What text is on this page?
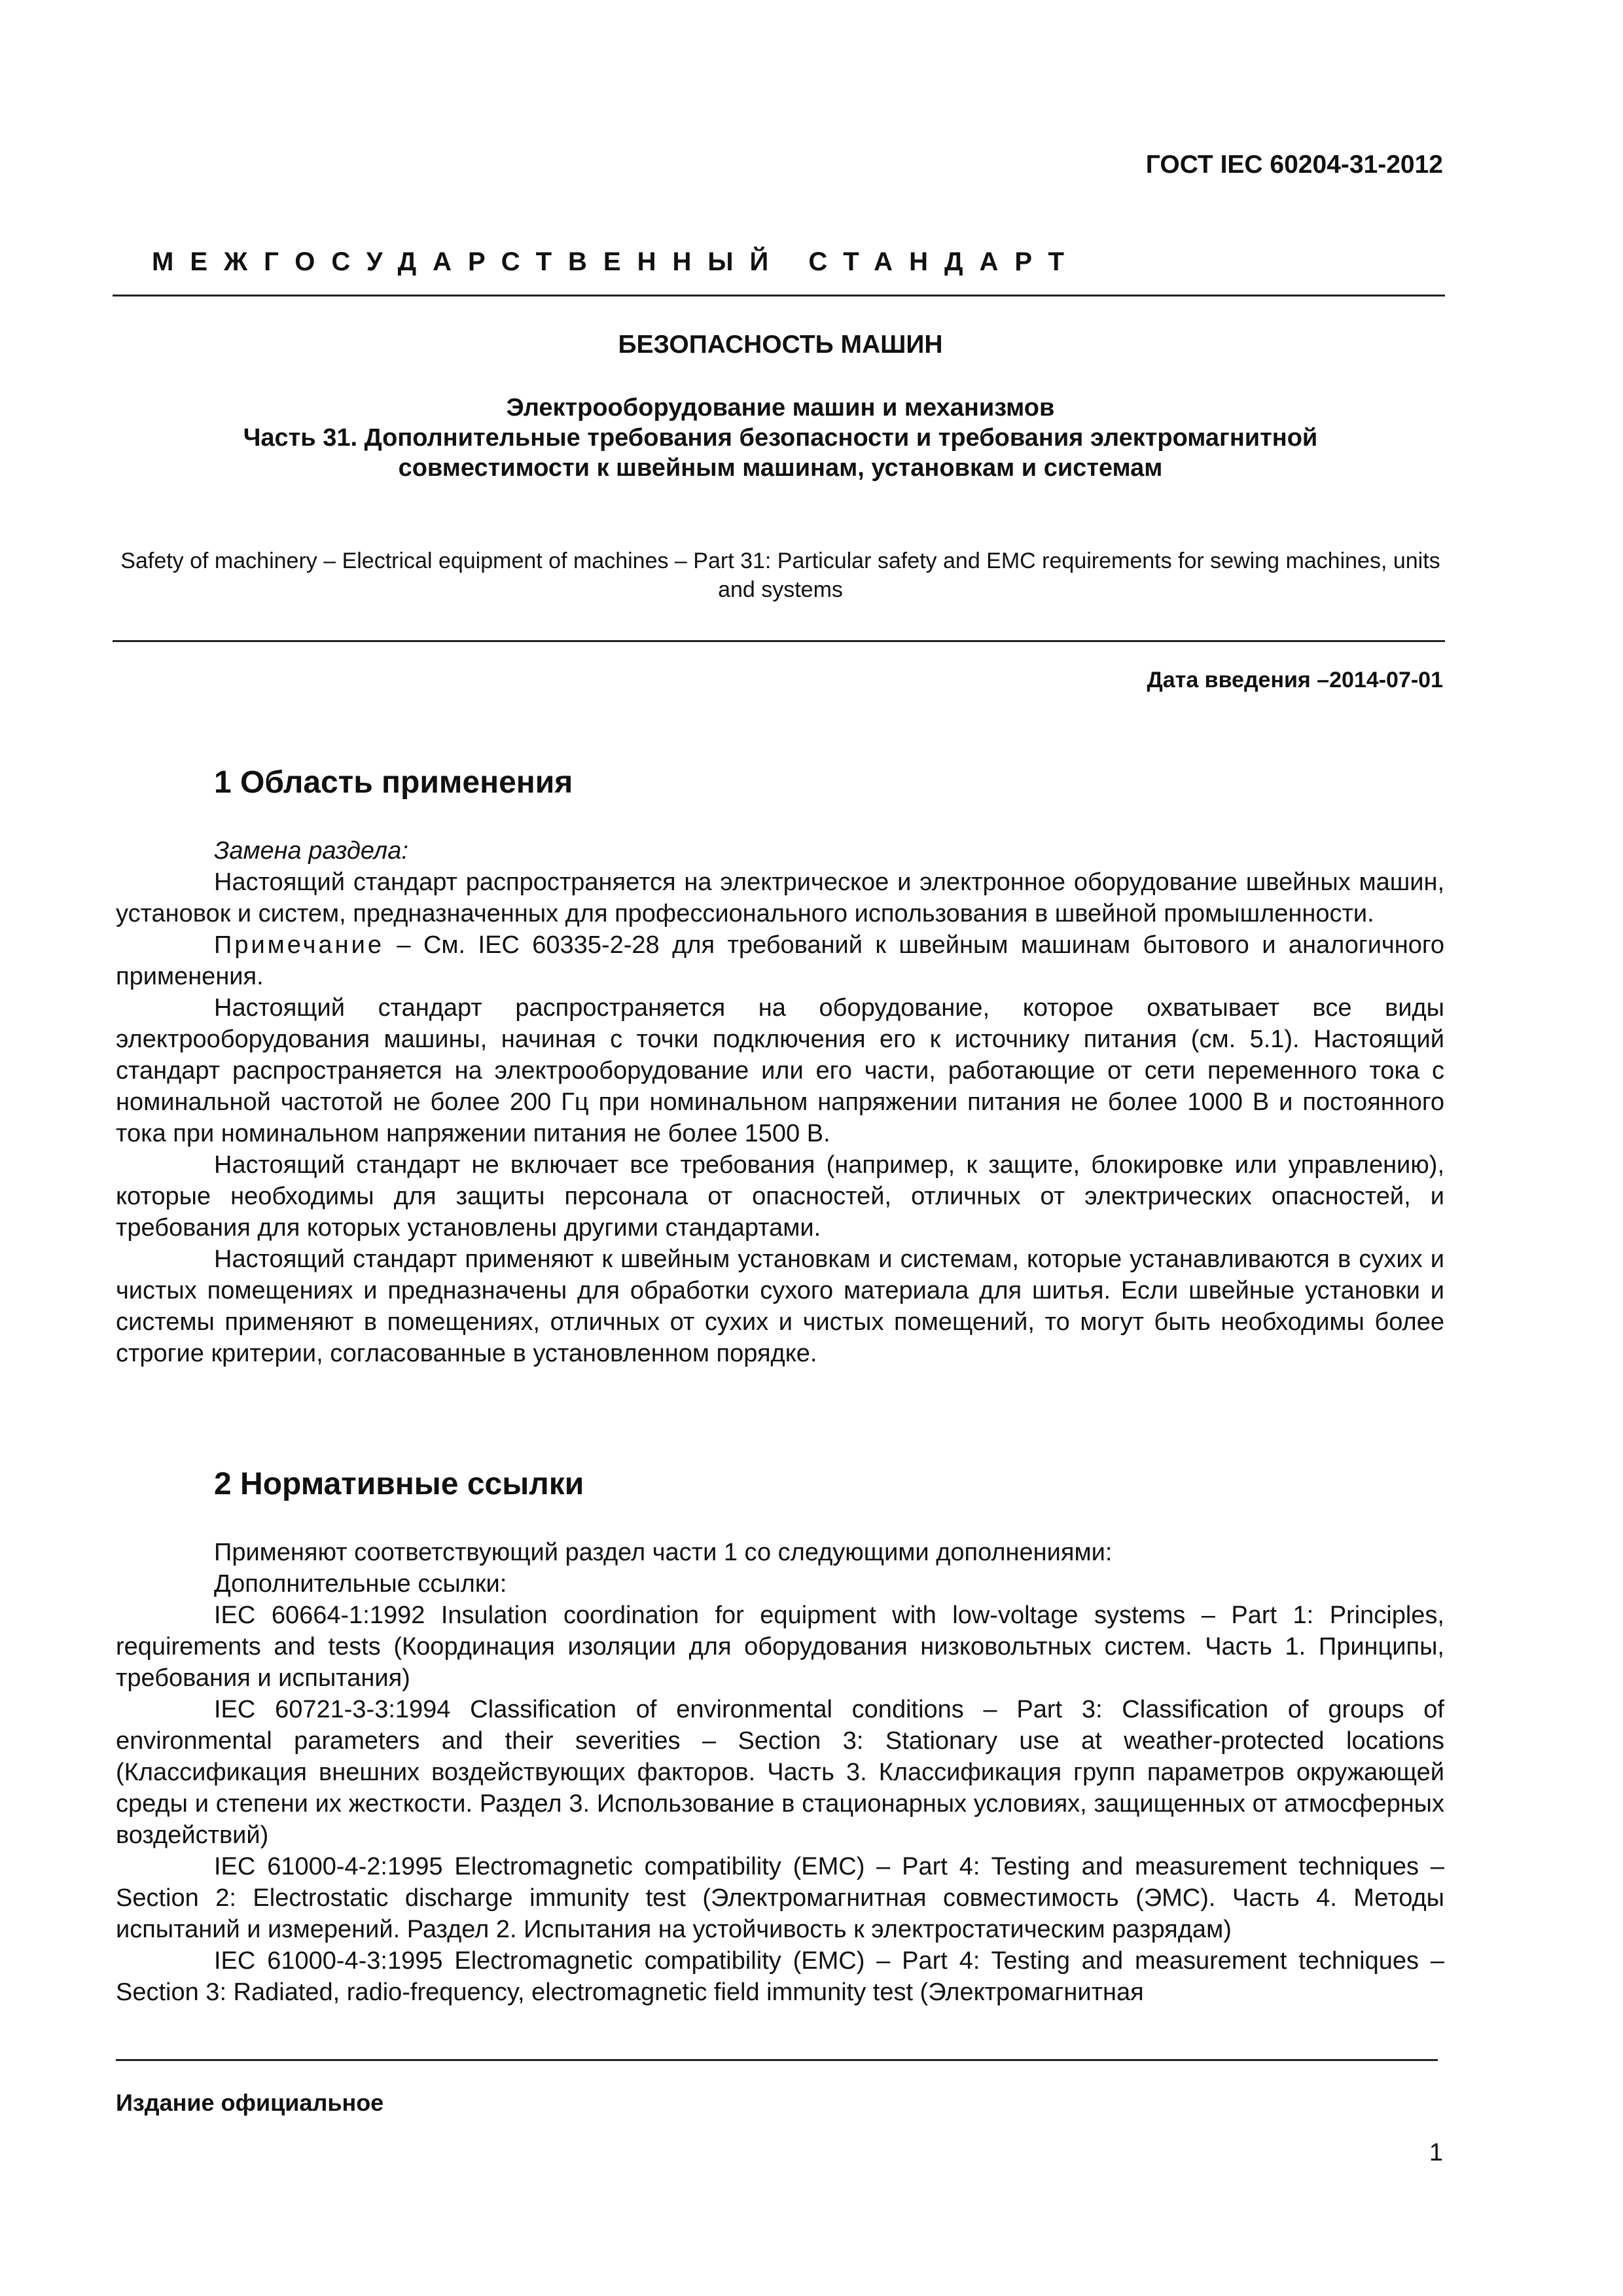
ГОСТ IEC 60204-31-2012
МЕЖГОСУДАРСТВЕННЫЙ СТАНДАРТ
БЕЗОПАСНОСТЬ МАШИН
Электрооборудование машин и механизмов
Часть 31. Дополнительные требования безопасности и требования электромагнитной
совместимости к швейным машинам, установкам и системам
Safety of machinery – Electrical equipment of machines – Part 31: Particular safety and EMC requirements for sewing machines, units and systems
Дата введения –2014-07-01
1 Область применения

Замена раздела:

Настоящий стандарт распространяется на электрическое и электронное оборудование швейных машин, установок и систем, предназначенных для профессионального использования в швейной промышленности.

Примечание – См. IEC 60335-2-28 для требований к швейным машинам бытового и аналогичного применения.

Настоящий стандарт распространяется на оборудование, которое охватывает все виды электрооборудования машины, начиная с точки подключения его к источнику питания (см. 5.1). Настоящий стандарт распространяется на электрооборудование или его части, работающие от сети переменного тока с номинальной частотой не более 200 Гц при номинальном напряжении питания не более 1000 В и постоянного тока при номинальном напряжении питания не более 1500 В.

Настоящий стандарт не включает все требования (например, к защите, блокировке или управлению), которые необходимы для защиты персонала от опасностей, отличных от электрических опасностей, и требования для которых установлены другими стандартами.

Настоящий стандарт применяют к швейным установкам и системам, которые устанавливаются в сухих и чистых помещениях и предназначены для обработки сухого материала для шитья. Если швейные установки и системы применяют в помещениях, отличных от сухих и чистых помещений, то могут быть необходимы более строгие критерии, согласованные в установленном порядке.

2 Нормативные ссылки

Применяют соответствующий раздел части 1 со следующими дополнениями:

Дополнительные ссылки:

IEC 60664-1:1992 Insulation coordination for equipment with low-voltage systems – Part 1: Principles, requirements and tests (Координация изоляции для оборудования низковольтных систем. Часть 1. Принципы, требования и испытания)

IEC 60721-3-3:1994 Classification of environmental conditions – Part 3: Classification of groups of environmental parameters and their severities – Section 3: Stationary use at weather-protected locations (Классификация внешних воздействующих факторов. Часть 3. Классификация групп параметров окружающей среды и степени их жесткости. Раздел 3. Использование в стационарных условиях, защищенных от атмосферных воздействий)

IEC 61000-4-2:1995 Electromagnetic compatibility (EMC) – Part 4: Testing and measurement techniques –Section 2: Electrostatic discharge immunity test (Электромагнитная совместимость (ЭМС). Часть 4. Методы испытаний и измерений. Раздел 2. Испытания на устойчивость к электростатическим разрядам)

IEC 61000-4-3:1995 Electromagnetic compatibility (EMC) – Part 4: Testing and measurement techniques – Section 3: Radiated, radio-frequency, electromagnetic field immunity test (Электромагнитная

Издание официальное
1
